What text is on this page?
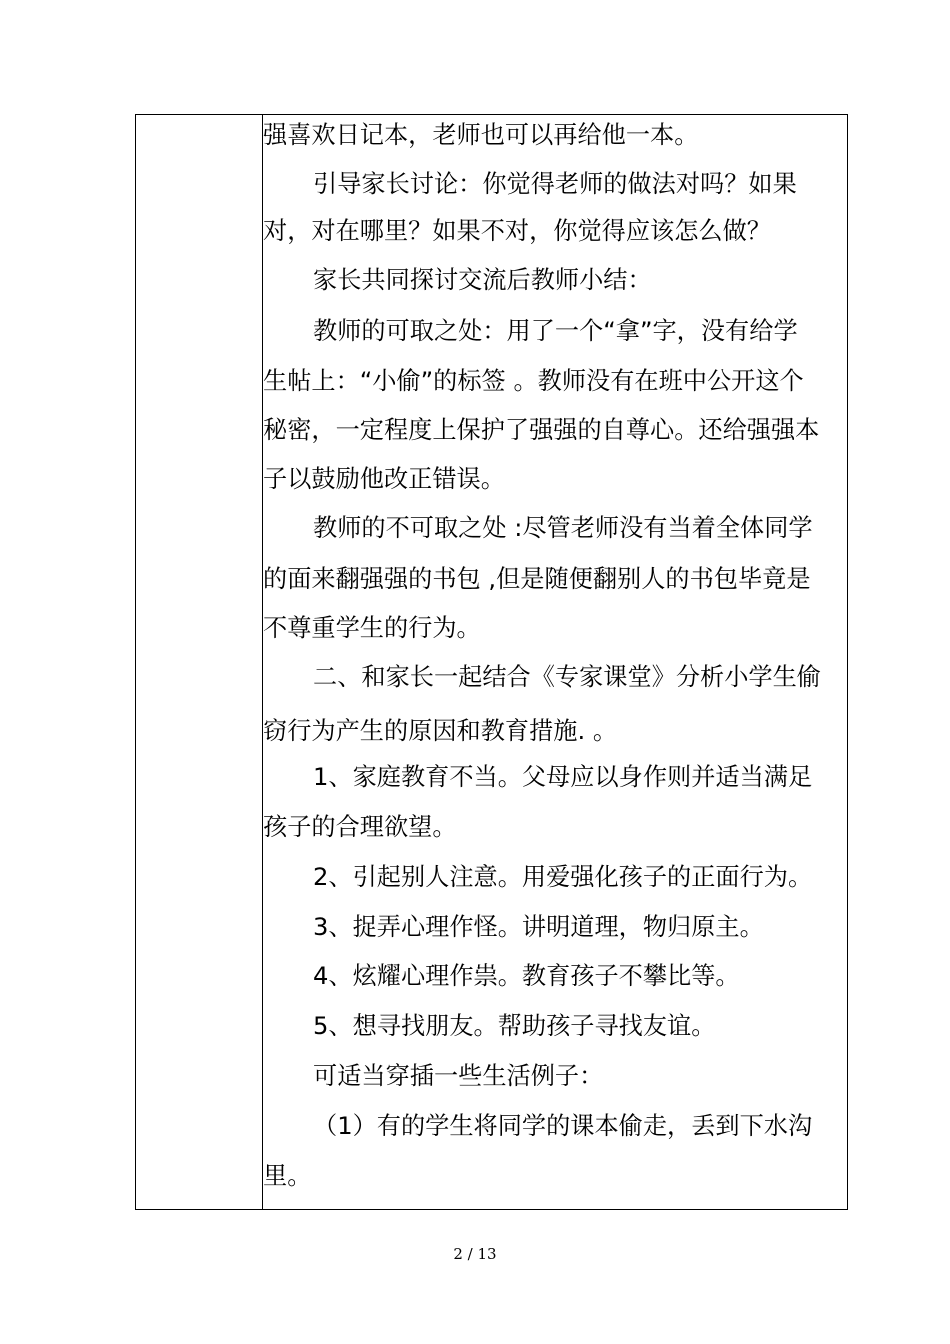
强喜欢日记本，老师也可以再给他一本。
引导家长讨论：你觉得老师的做法对吗？如果
对，对在哪里？如果不对，你觉得应该怎么做？
家长共同探讨交流后教师小结：
教师的可取之处：用了一个“拿”字，没有给学
生帖上：“小偷”的标签 。教师没有在班中公开这个
秘密，一定程度上保护了强强的自尊心。还给强强本
子以鼓励他改正错误。
教师的不可取之处 :尽管老师没有当着全体同学
的面来翻强强的书包 ,但是随便翻别人的书包毕竟是
不尊重学生的行为。
二、和家长一起结合《专家课堂》分析小学生偷
窃行为产生的原因和教育措施. 。
1、家庭教育不当。父母应以身作则并适当满足
孩子的合理欲望。
2、引起别人注意。用爱强化孩子的正面行为。
3、捉弄心理作怪。讲明道理，物归原主。
4、炫耀心理作祟。教育孩子不攀比等。
5、想寻找朋友。帮助孩子寻找友谊。
可适当穿插一些生活例子：
（1）有的学生将同学的课本偷走，丢到下水沟
里。
2 / 13
